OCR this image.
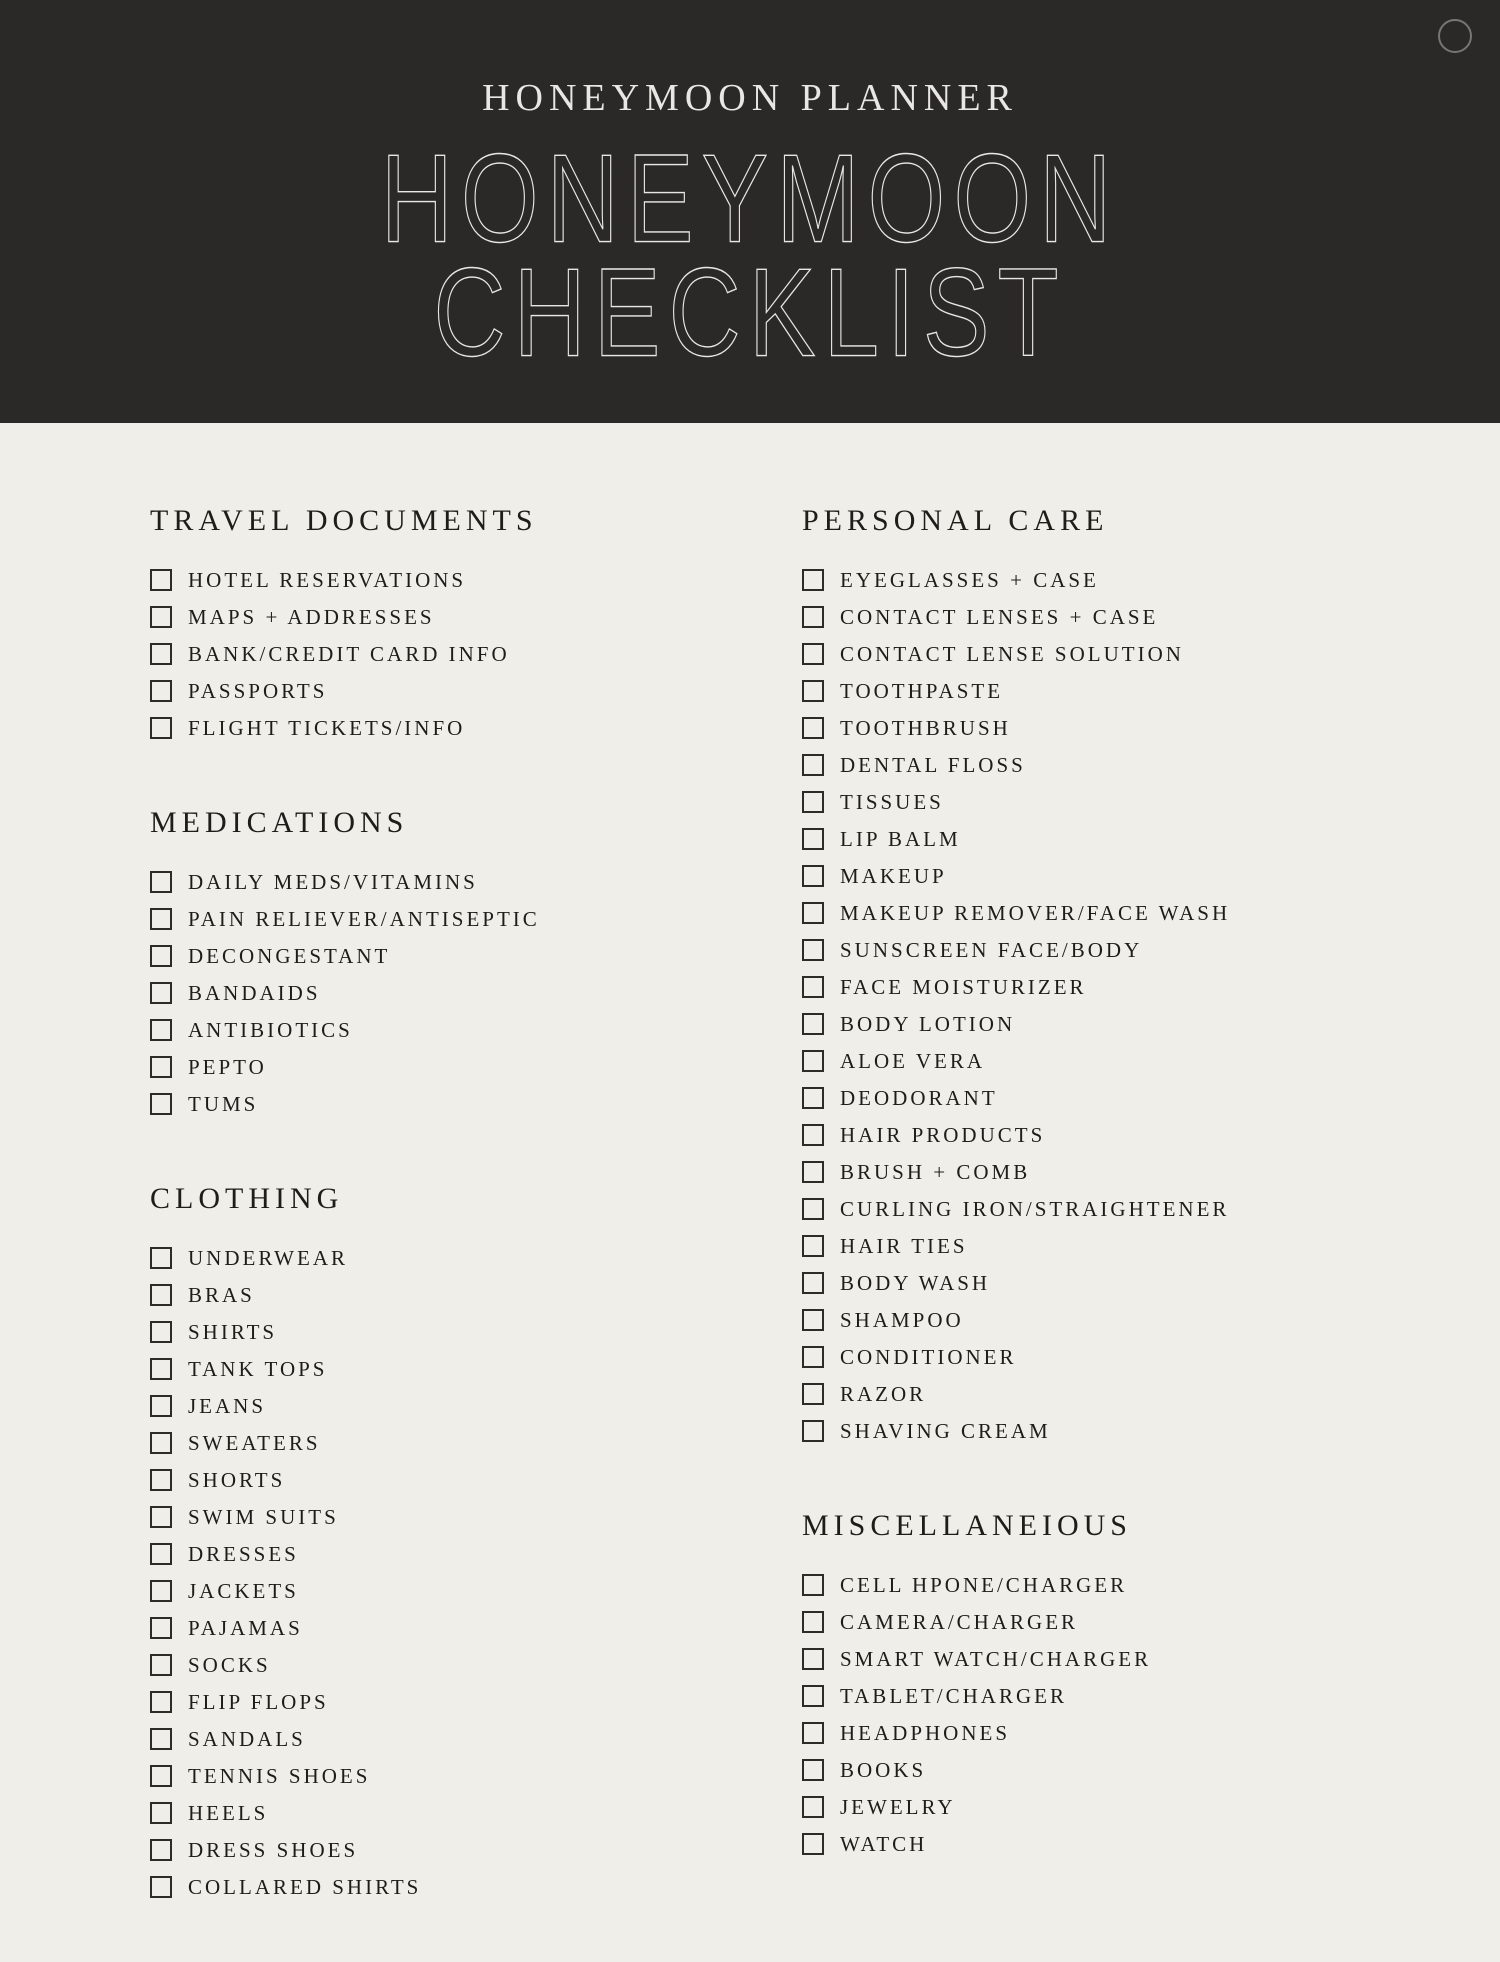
HONEYMOON PLANNER
HONEYMOON
CHECKLIST
TRAVEL DOCUMENTS
HOTEL RESERVATIONS
MAPS + ADDRESSES
BANK/CREDIT CARD INFO
PASSPORTS
FLIGHT TICKETS/INFO
MEDICATIONS
DAILY MEDS/VITAMINS
PAIN RELIEVER/ANTISEPTIC
DECONGESTANT
BANDAIDS
ANTIBIOTICS
PEPTO
TUMS
CLOTHING
UNDERWEAR
BRAS
SHIRTS
TANK TOPS
JEANS
SWEATERS
SHORTS
SWIM SUITS
DRESSES
JACKETS
PAJAMAS
SOCKS
FLIP FLOPS
SANDALS
TENNIS SHOES
HEELS
DRESS SHOES
COLLARED SHIRTS
PERSONAL CARE
EYEGLASSES + CASE
CONTACT LENSES + CASE
CONTACT LENSE SOLUTION
TOOTHPASTE
TOOTHBRUSH
DENTAL FLOSS
TISSUES
LIP BALM
MAKEUP
MAKEUP REMOVER/FACE WASH
SUNSCREEN FACE/BODY
FACE MOISTURIZER
BODY LOTION
ALOE VERA
DEODORANT
HAIR PRODUCTS
BRUSH + COMB
CURLING IRON/STRAIGHTENER
HAIR TIES
BODY WASH
SHAMPOO
CONDITIONER
RAZOR
SHAVING CREAM
MISCELLANEIOUS
CELL HPONE/CHARGER
CAMERA/CHARGER
SMART WATCH/CHARGER
TABLET/CHARGER
HEADPHONES
BOOKS
JEWELRY
WATCH
